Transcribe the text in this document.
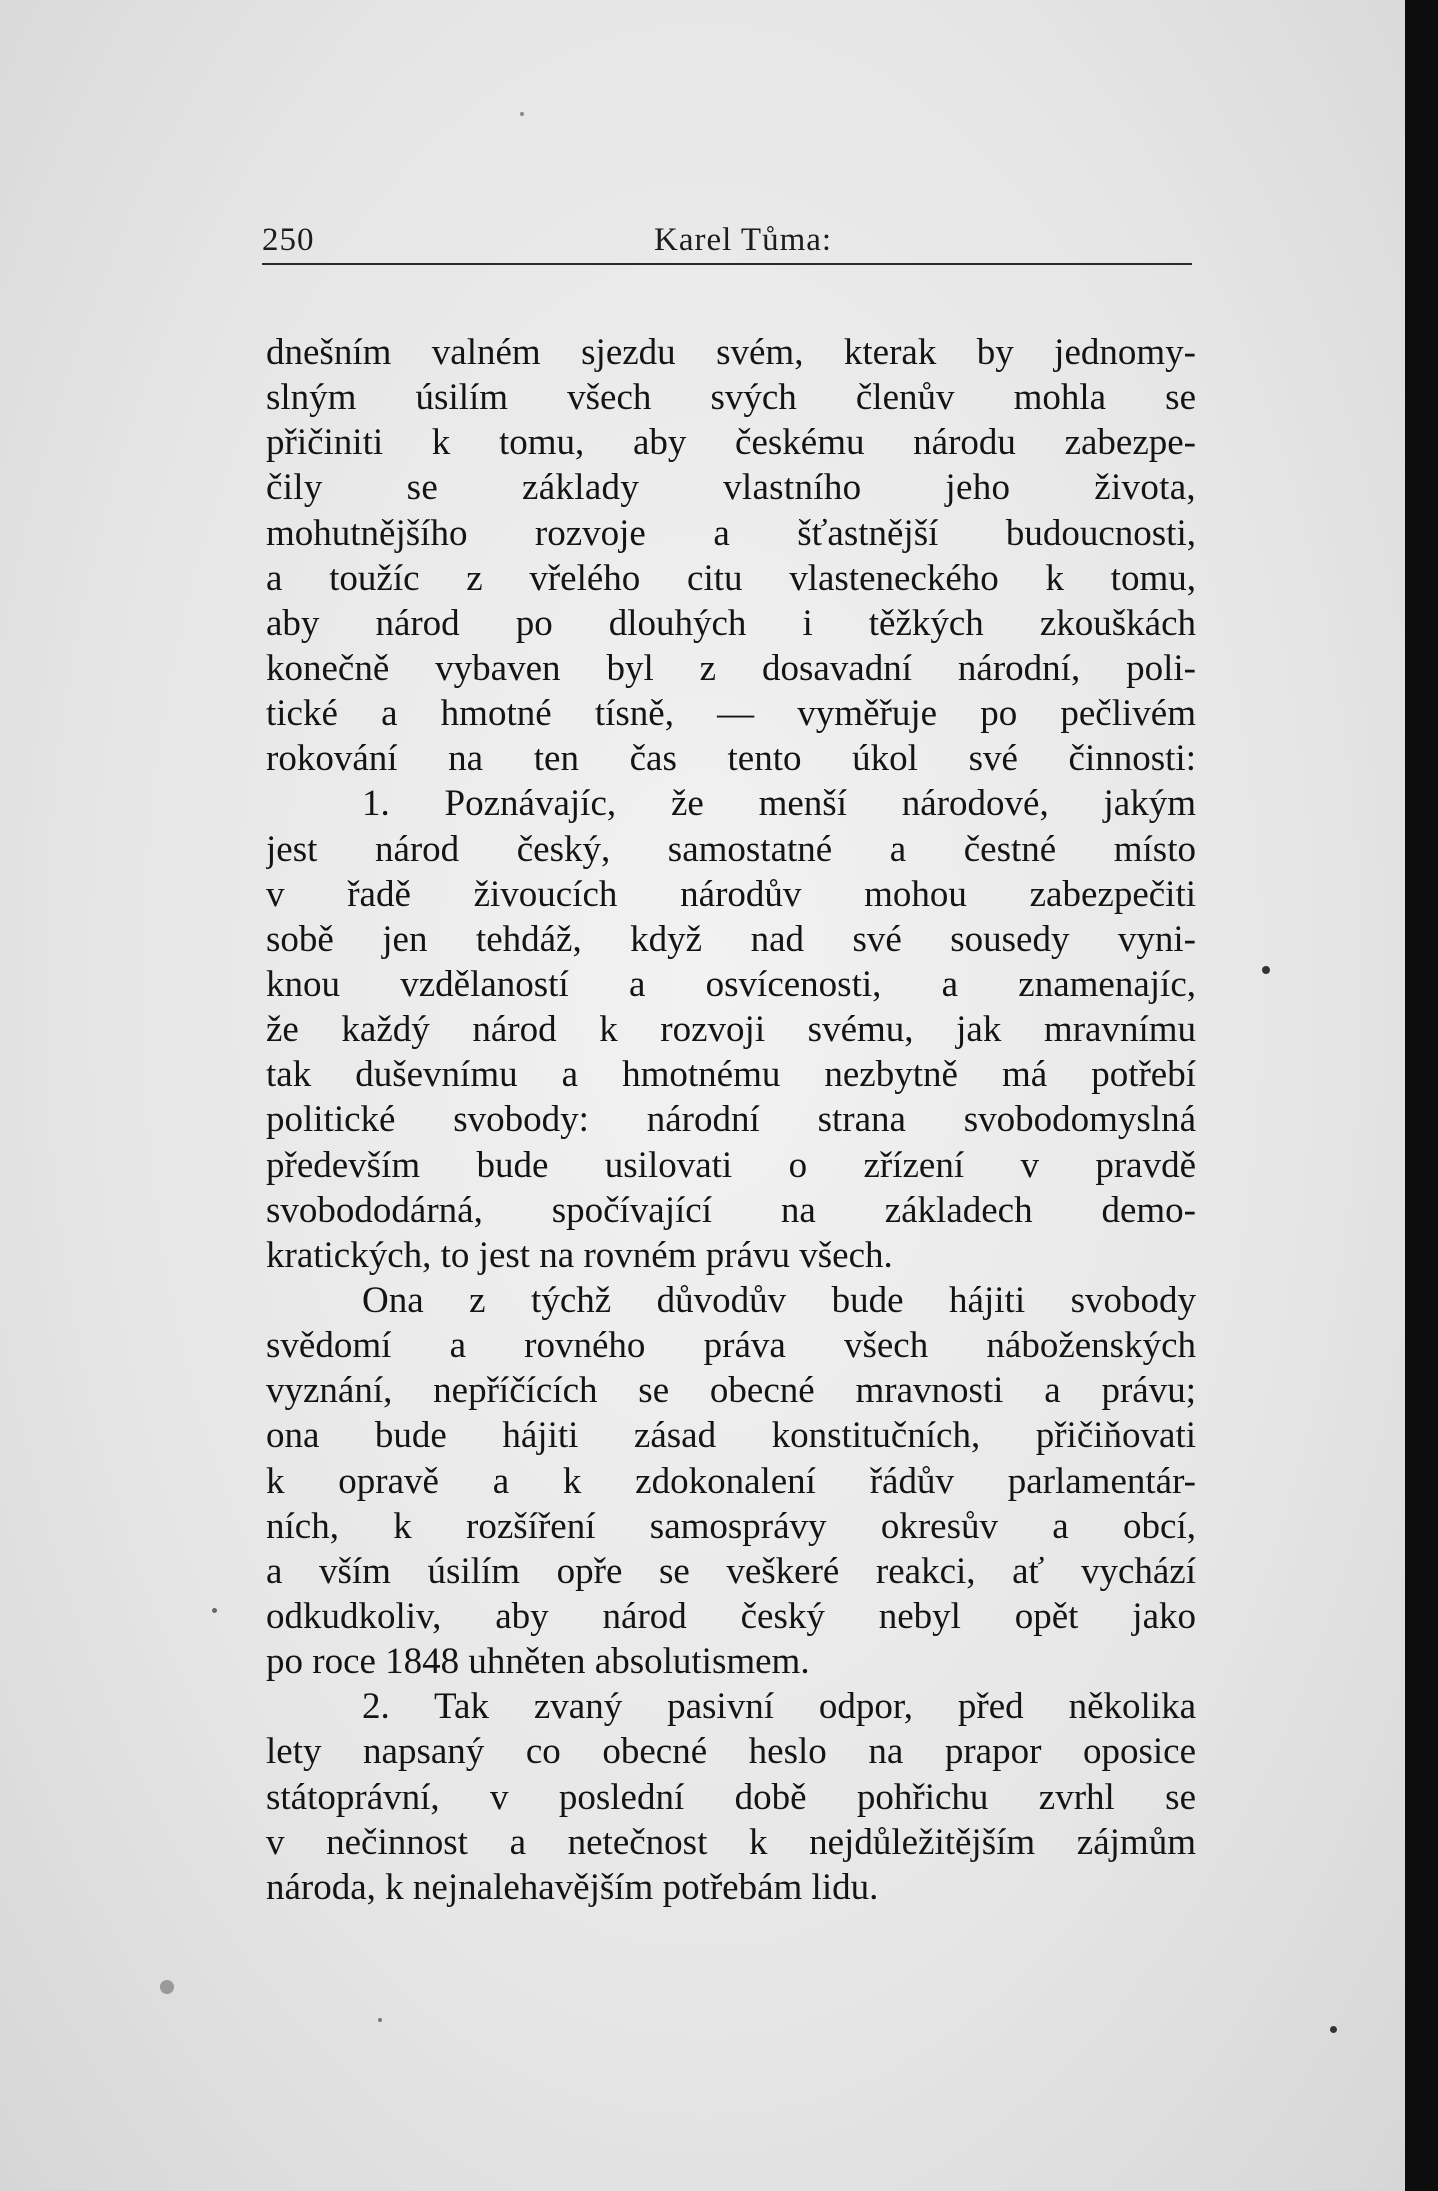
250	Karel Tůma:
dnešním valném sjezdu svém, kterak by jednomy-
slným úsilím všech svých členův mohla se
přičiniti k tomu, aby českému národu zabezpe-
čily se základy vlastního jeho života,
mohutnějšího rozvoje a šťastnější budoucnosti,
a toužíc z vřelého citu vlasteneckého k tomu,
aby národ po dlouhých i těžkých zkouškách
konečně vybaven byl z dosavadní národní, poli-
tické a hmotné tísně, — vyměřuje po pečlivém
rokování na ten čas tento úkol své činnosti:
1. Poznávajíc, že menší národové, jakým
jest národ český, samostatné a čestné místo
v řadě živoucích národův mohou zabezpečiti
sobě jen tehdáž, když nad své sousedy vyni-
knou vzdělaností a osvícenosti, a znamenajíc,
že každý národ k rozvoji svému, jak mravnímu
tak duševnímu a hmotnému nezbytně má potřebí
politické svobody: národní strana svobodomyslná
především bude usilovati o zřízení v pravdě
svobododárná, spočívající na základech demo-
kratických, to jest na rovném právu všech.
Ona z týchž důvodův bude hájiti svobody
svědomí a rovného práva všech náboženských
vyznání, nepříčících se obecné mravnosti a právu;
ona bude hájiti zásad konstitučních, přičiňovati
k opravě a k zdokonalení řádův parlamentár-
ních, k rozšíření samosprávy okresův a obcí,
a vším úsilím opře se veškeré reakci, ať vychází
odkudkoliv, aby národ český nebyl opět jako
po roce 1848 uhněten absolutismem.
2. Tak zvaný pasivní odpor, před několika
lety napsaný co obecné heslo na prapor oposice
státoprávní, v poslední době pohřichu zvrhl se
v nečinnost a netečnost k nejdůležitějším zájmům
národa, k nejnalehavějším potřebám lidu.
